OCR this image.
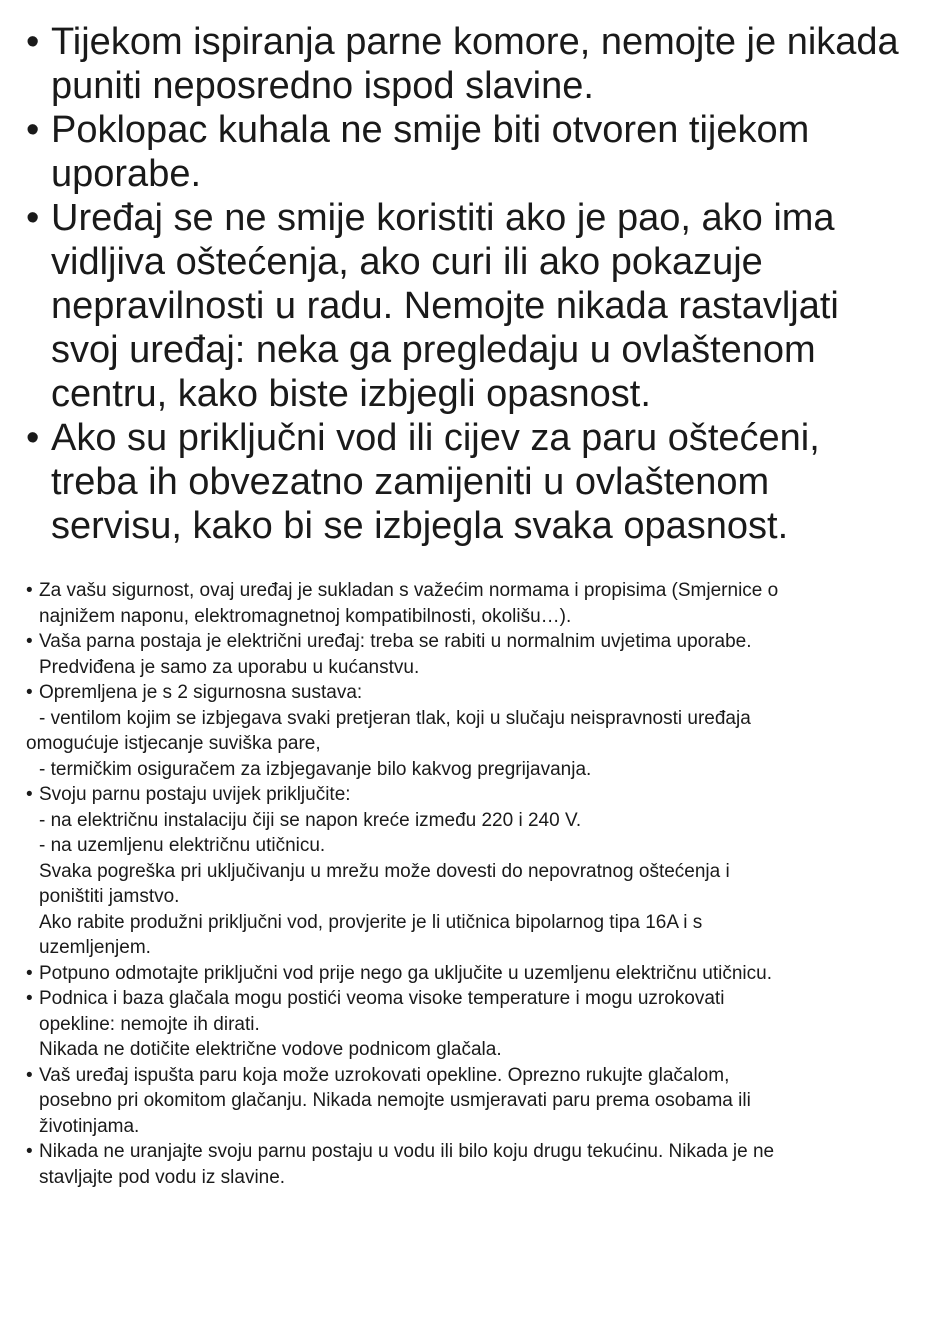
• Tijekom ispiranja parne komore, nemojte je nikada
puniti neposredno ispod slavine.
• Poklopac kuhala ne smije biti otvoren tijekom
uporabe.
• Uređaj se ne smije koristiti ako je pao, ako ima
vidljiva oštećenja, ako curi ili ako pokazuje
nepravilnosti u radu. Nemojte nikada rastavljati
svoj uređaj: neka ga pregledaju u ovlaštenom
centru, kako biste izbjegli opasnost.
• Ako su priključni vod ili cijev za paru oštećeni,
treba ih obvezatno zamijeniti u ovlaštenom
servisu, kako bi se izbjegla svaka opasnost.
• Za vašu sigurnost, ovaj uređaj je sukladan s važećim normama i propisima (Smjernice o
najnižem naponu, elektromagnetnoj kompatibilnosti, okolišu…).
• Vaša parna postaja je električni uređaj: treba se rabiti u normalnim uvjetima uporabe.
Predviđena je samo za uporabu u kućanstvu.
• Opremljena je s 2 sigurnosna sustava:
- ventilom kojim se izbjegava svaki pretjeran tlak, koji u slučaju neispravnosti uređaja
omogućuje istjecanje suviška pare,
- termičkim osiguračem za izbjegavanje bilo kakvog pregrijavanja.
• Svoju parnu postaju uvijek priključite:
- na električnu instalaciju čiji se napon kreće između 220 i 240 V.
- na uzemljenu električnu utičnicu.
Svaka pogreška pri uključivanju u mrežu može dovesti do nepovratnog oštećenja i
poništiti jamstvo.
Ako rabite produžni priključni vod, provjerite je li utičnica bipolarnog tipa 16A i s
uzemljenjem.
• Potpuno odmotajte priključni vod prije nego ga uključite u uzemljenu električnu utičnicu.
• Podnica i baza glačala mogu postići veoma visoke temperature i mogu uzrokovati
opekline: nemojte ih dirati.
Nikada ne dotičite električne vodove podnicom glačala.
• Vaš uređaj ispušta paru koja može uzrokovati opekline. Oprezno rukujte glačalom,
posebno pri okomitom glačanju. Nikada nemojte usmjeravati paru prema osobama ili
životinjama.
• Nikada ne uranjajte svoju parnu postaju u vodu ili bilo koju drugu tekućinu. Nikada je ne
stavljajte pod vodu iz slavine.
